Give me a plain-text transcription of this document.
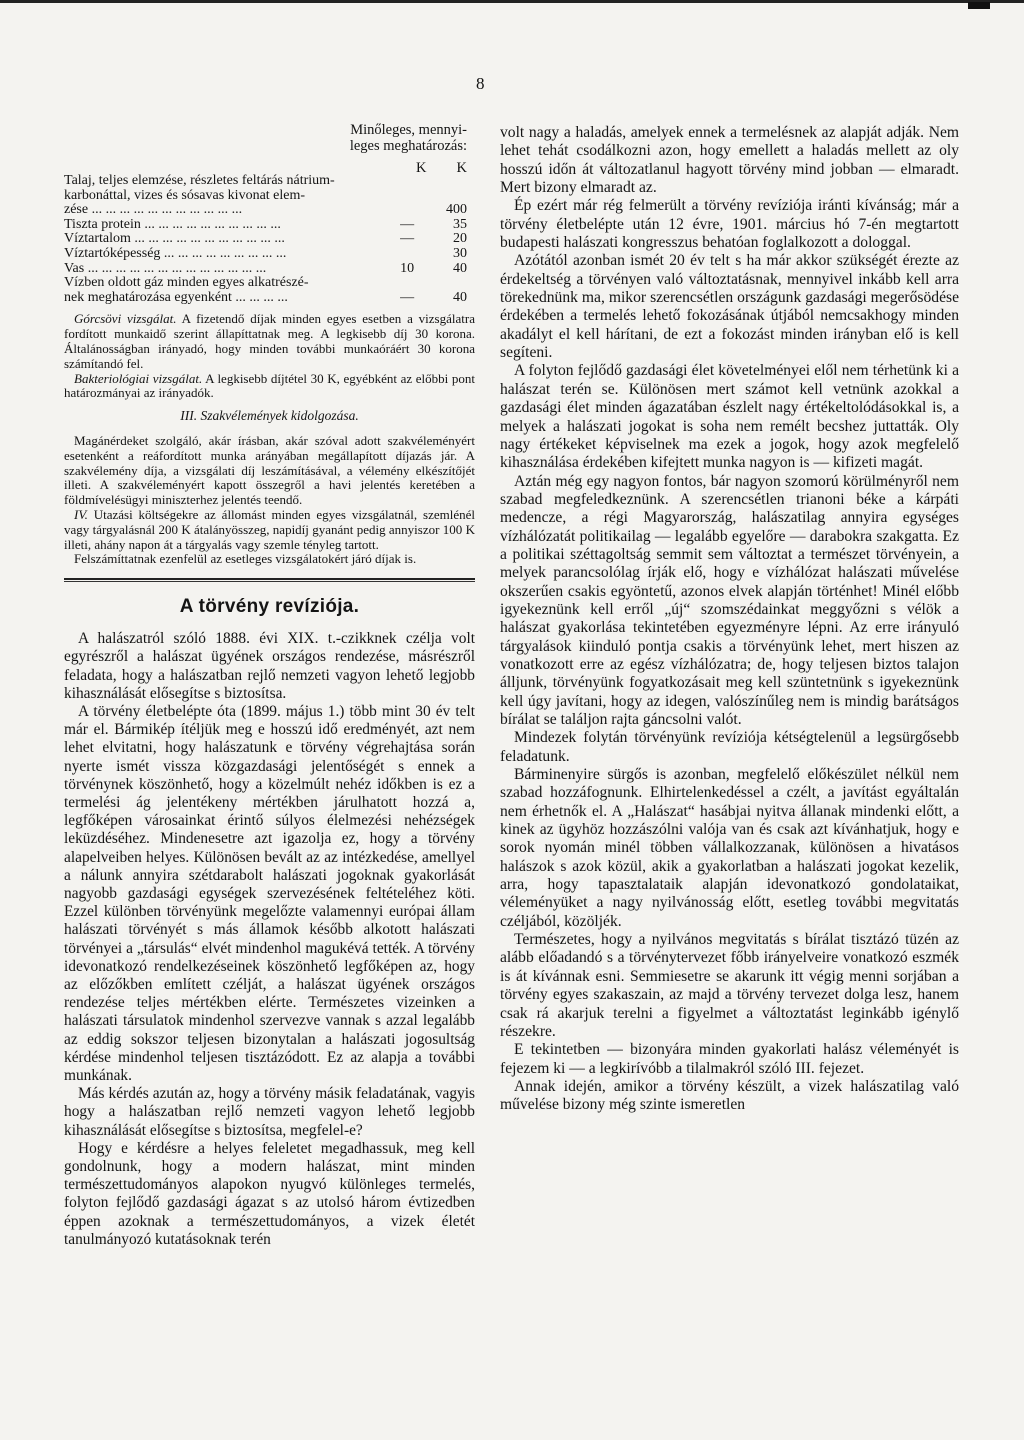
8
Minőleges, mennyi-
leges meghatározás:
K K
Talaj, teljes elemzése, részletes feltárás nátrium-		
karbonáttal, vizes és sósavas kivonat elem-		
zése ... ... ... ... ... ... ... ... ... ... ...		400
Tiszta protein ... ... ... ... ... ... ... ... ... ...	—	35
Víztartalom ... ... ... ... ... ... ... ... ... ... ...	—	20
Víztartóképesség ... ... ... ... ... ... ... ... ...		30
Vas ... ... ... ... ... ... ... ... ... ... ... ... ...	10	40
Vízben oldott gáz minden egyes alkatrészé-		
nek meghatározása egyenként ... ... ... ...	—	40

Górcsövi vizsgálat. A fizetendő díjak minden egyes esetben a vizsgálatra fordított munkaidő szerint állapíttatnak meg. A legkisebb díj 30 korona. Általánosságban irányadó, hogy minden további munkaóráért 30 korona számítandó fel.

Bakteriológiai vizsgálat. A legkisebb díjtétel 30 K, egyébként az előbbi pont határozmányai az irányadók.

III. Szakvélemények kidolgozása.

Magánérdeket szolgáló, akár írásban, akár szóval adott szakvéleményért esetenként a reáfordított munka arányában megállapított díjazás jár. A szakvélemény díja, a vizsgálati díj leszámításával, a vélemény elkészítőjét illeti. A szakvéleményért kapott összegről a havi jelentés keretében a földmívelésügyi miniszterhez jelentés teendő.

IV. Utazási költségekre az állomást minden egyes vizsgálatnál, szemlénél vagy tárgyalásnál 200 K átalányösszeg, napidíj gyanánt pedig annyiszor 100 K illeti, ahány napon át a tárgyalás vagy szemle tényleg tartott.

Felszámíttatnak ezenfelül az esetleges vizsgálatokért járó díjak is.

A törvény revíziója.

A halászatról szóló 1888. évi XIX. t.-czikknek czélja volt egyrészről a halászat ügyének országos rendezése, másrészről feladata, hogy a halászatban rejlő nemzeti vagyon lehető legjobb kihasználását elősegítse s biztosítsa.

A törvény életbelépte óta (1899. május 1.) több mint 30 év telt már el. Bármikép ítéljük meg e hosszú idő eredményét, azt nem lehet elvitatni, hogy halászatunk e törvény végrehajtása során nyerte ismét vissza közgazdasági jelentőségét s ennek a törvénynek köszönhető, hogy a közelmúlt nehéz időkben is ez a termelési ág jelentékeny mértékben járulhatott hozzá a, legfőképen városainkat érintő súlyos élelmezési nehézségek leküzdéséhez. Mindenesetre azt igazolja ez, hogy a törvény alapelveiben helyes. Különösen bevált az az intézkedése, amellyel a nálunk annyira szétdarabolt halászati jogoknak gyakorlását nagyobb gazdasági egységek szervezésének feltételéhez köti. Ezzel különben törvényünk megelőzte valamennyi európai állam halászati törvényét s más államok később alkotott halászati törvényei a „társulás“ elvét mindenhol magukévá tették. A törvény idevonatkozó rendelkezéseinek köszönhető legfőképen az, hogy az előzőkben említett czélját, a halászat ügyének országos rendezése teljes mértékben elérte. Természetes vizeinken a halászati társulatok mindenhol szervezve vannak s azzal legalább az eddig sokszor teljesen bizonytalan a halászati jogosultság kérdése mindenhol teljesen tisztázódott. Ez az alapja a további munkának.

Más kérdés azután az, hogy a törvény másik feladatának, vagyis hogy a halászatban rejlő nemzeti vagyon lehető legjobb kihasználását elősegítse s biztosítsa, megfelel-e?

Hogy e kérdésre a helyes feleletet megadhassuk, meg kell gondolnunk, hogy a modern halászat, mint minden természettudományos alapokon nyugvó különleges termelés, folyton fejlődő gazdasági ágazat s az utolsó három évtizedben éppen azoknak a természettudományos, a vizek életét tanulmányozó kutatásoknak terén

volt nagy a haladás, amelyek ennek a termelésnek az alapját adják. Nem lehet tehát csodálkozni azon, hogy emellett a haladás mellett az oly hosszú időn át változatlanul hagyott törvény mind jobban — elmaradt. Mert bizony elmaradt az.

Ép ezért már rég felmerült a törvény revíziója iránti kívánság; már a törvény életbelépte után 12 évre, 1901. március hó 7-én megtartott budapesti halászati kongresszus behatóan foglalkozott a dologgal.

Azótától azonban ismét 20 év telt s ha már akkor szükségét érezte az érdekeltség a törvényen való változtatásnak, mennyivel inkább kell arra törekednünk ma, mikor szerencsétlen országunk gazdasági megerősödése érdekében a termelés lehető fokozásának útjából nemcsakhogy minden akadályt el kell hárítani, de ezt a fokozást minden irányban elő is kell segíteni.

A folyton fejlődő gazdasági élet követelményei elől nem térhetünk ki a halászat terén se. Különösen mert számot kell vetnünk azokkal a gazdasági élet minden ágazatában észlelt nagy értékeltolódásokkal is, a melyek a halászati jogokat is soha nem remélt becshez juttatták. Oly nagy értékeket képviselnek ma ezek a jogok, hogy azok megfelelő kihasználása érdekében kifejtett munka nagyon is — kifizeti magát.

Aztán még egy nagyon fontos, bár nagyon szomorú körülményről nem szabad megfeledkeznünk. A szerencsétlen trianoni béke a kárpáti medencze, a régi Magyarország, halászatilag annyira egységes vízhálózatát politikailag — legalább egyelőre — darabokra szakgatta. Ez a politikai széttagoltság semmit sem változtat a természet törvényein, a melyek parancsolólag írják elő, hogy e vízhálózat halászati művelése okszerűen csakis egyöntetű, azonos elvek alapján történhet! Minél előbb igyekeznünk kell erről „új“ szomszédainkat meggyőzni s vélök a halászat gyakorlása tekintetében egyezményre lépni. Az erre irányuló tárgyalások kiinduló pontja csakis a törvényünk lehet, mert hiszen az vonatkozott erre az egész vízhálózatra; de, hogy teljesen biztos talajon álljunk, törvényünk fogyatkozásait meg kell szüntetnünk s igyekeznünk kell úgy javítani, hogy az idegen, valószínűleg nem is mindig barátságos bírálat se találjon rajta gáncsolni valót.

Mindezek folytán törvényünk revíziója kétségtelenül a legsürgősebb feladatunk.

Bárminenyire sürgős is azonban, megfelelő előkészület nélkül nem szabad hozzáfognunk. Elhirtelenkedéssel a czélt, a javítást egyáltalán nem érhetnők el. A „Halászat“ hasábjai nyitva állanak mindenki előtt, a kinek az ügyhöz hozzászólni valója van és csak azt kívánhatjuk, hogy e sorok nyomán minél többen vállalkozzanak, különösen a hivatásos halászok s azok közül, akik a gyakorlatban a halászati jogokat kezelik, arra, hogy tapasztalataik alapján idevonatkozó gondolataikat, véleményüket a nagy nyilvánosság előtt, esetleg további megvitatás czéljából, közöljék.

Természetes, hogy a nyilvános megvitatás s bírálat tisztázó tüzén az alább előadandó s a törvénytervezet főbb irányelveire vonatkozó eszmék is át kívánnak esni. Semmiesetre se akarunk itt végig menni sorjában a törvény egyes szakaszain, az majd a törvény tervezet dolga lesz, hanem csak rá akarjuk terelni a figyelmet a változtatást leginkább igénylő részekre.

E tekintetben — bizonyára minden gyakorlati halász véleményét is fejezem ki — a legkirívóbb a tilalmakról szóló III. fejezet.

Annak idején, amikor a törvény készült, a vizek halászatilag való művelése bizony még szinte ismeretlen
